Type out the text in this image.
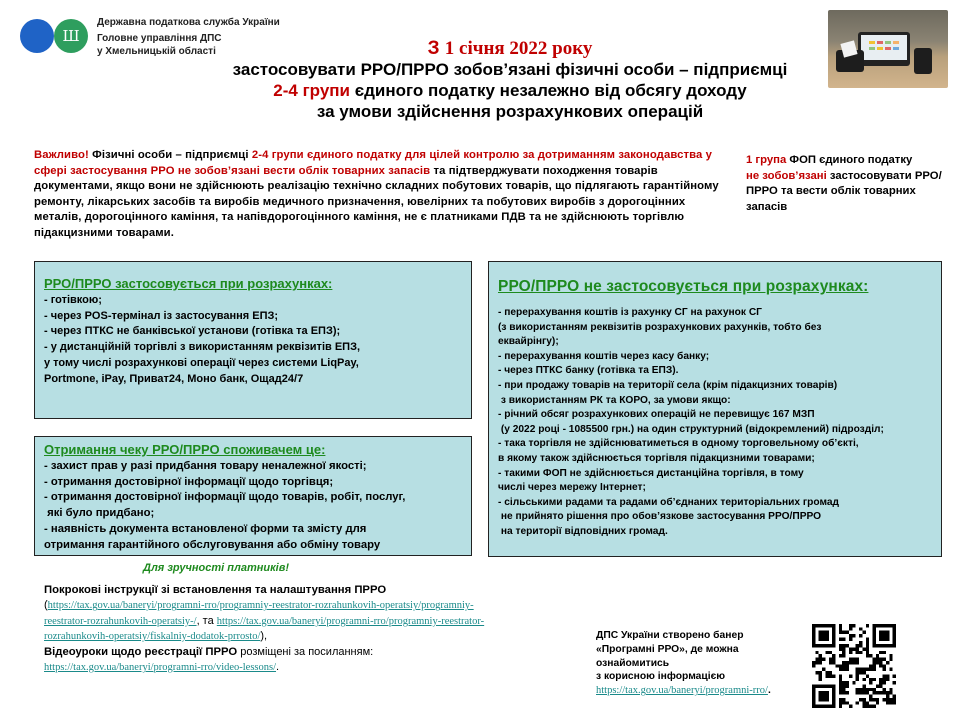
Ш
Державна податкова служба України
Головне управління ДПС
у Хмельницькій області	З 1 січня 2022 року
застосовувати РРО/ПРРО зобов’язані фізичні особи – підприємці
2-4 групи єдиного податку незалежно від обсягу доходу
за умови здійснення розрахункових операцій
Важливо! Фізичні особи – підприємці 2-4 групи єдиного податку для цілей контролю за дотриманням законодавства у сфері застосування РРО не зобов’язані вести облік товарних запасів та підтверджувати походження товарів документами, якщо вони не здійснюють реалізацію технічно складних побутових товарів, що підлягають гарантійному ремонту, лікарських засобів та виробів медичного призначення, ювелірних та побутових виробів з дорогоцінних металів, дорогоцінного каміння, та напівдорогоцінного каміння, не є платниками ПДВ та не здійснюють торгівлю підакцизними товарами.
1 група ФОП єдиного податку
не зобов’язані застосовувати РРО/ПРРО та вести облік товарних запасів
РРО/ПРРО застосовується при розрахунках:
- готівкою;
- через POS-термінал із застосування ЕПЗ;
- через ПТКС не банківської установи (готівка та ЕПЗ);
- у дистанційній торгівлі з використанням реквізитів ЕПЗ,
у тому числі розрахункові операції через системи LiqPay,
Portmone, iPay, Приват24, Моно банк, Ощад24/7
Отримання чеку РРО/ПРРО споживачем це:
- захист прав у разі придбання товару неналежної якості;
- отримання достовірної інформації щодо торгівця;
- отримання достовірної інформації щодо товарів, робіт, послуг,
які було придбано;
- наявність документа встановленої форми та змісту для
отримання гарантійного обслуговування або обміну товару
РРО/ПРРО не застосовується при розрахунках:
- перерахування коштів із рахунку СГ на рахунок СГ
(з використанням реквізитів розрахункових рахунків, тобто без
еквайрінгу);
- перерахування коштів через касу банку;
- через ПТКС банку (готівка та ЕПЗ).
- при продажу товарів на території села (крім підакцизних товарів)
з використанням РК та КОРО, за умови якщо:
- річний обсяг розрахункових операцій не перевищує 167 МЗП
(у 2022 році - 1085500 грн.) на один структурний (відокремлений) підрозділ;
- така торгівля не здійснюватиметься в одному торговельному об’єкті,
в якому також здійснюється торгівля підакцизними товарами;
- такими ФОП не здійснюється дистанційна торгівля, в тому
числі через мережу Інтернет;
- сільськими радами та радами об’єднаних територіальних громад
не прийнято рішення про обов’язкове застосування РРО/ПРРО
на території відповідних громад.
Для зручності платників!
Покрокові інструкції зі встановлення та налаштування ПРРО
(https://tax.gov.ua/baneryi/programni-rro/programniy-reestrator-rozrahunkovih-operatsiy/programniy-reestrator-rozrahunkovih-operatsiy-/, та https://tax.gov.ua/baneryi/programni-rro/programniy-reestrator-rozrahunkovih-operatsiy/fiskalniy-dodatok-prrosto/),
Відеоуроки щодо реєстрації ПРРО розміщені за посиланням:
https://tax.gov.ua/baneryi/programni-rro/video-lessons/.
ДПС України створено банер
«Програмні РРО», де можна
ознайомитись
з корисною інформацією
https://tax.gov.ua/baneryi/programni-rro/.
